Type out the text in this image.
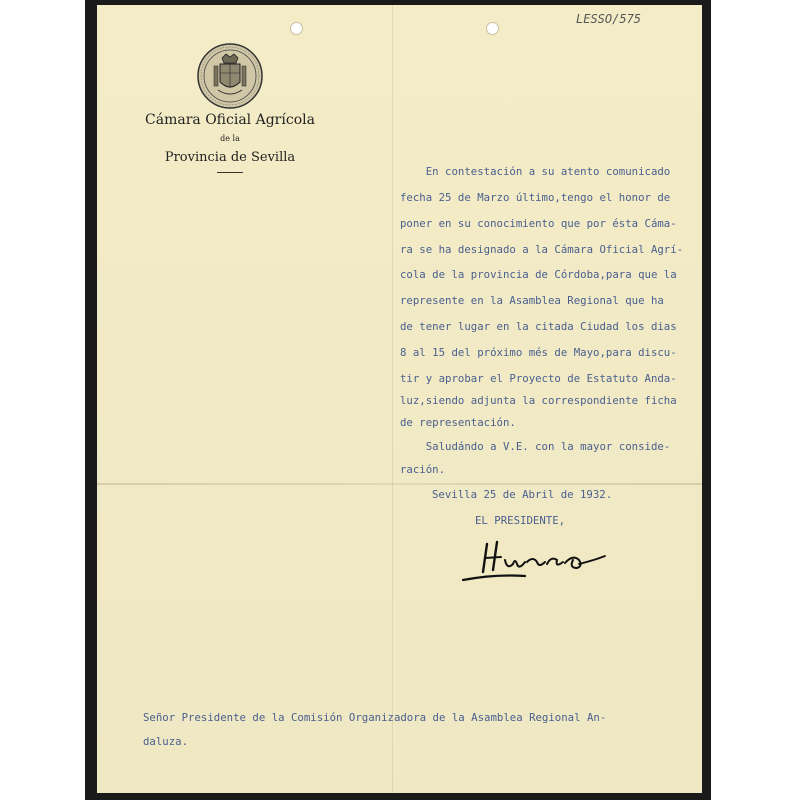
LESSO/575
Cámara Oficial Agrícola
de la
Provincia de Sevilla
En contestación a su atento comunicado
fecha 25 de Marzo último,tengo el honor de
poner en su conocimiento que por ésta Cáma-
ra se ha designado a la Cámara Oficial Agrí-
cola de la provincia de Córdoba,para que la
represente en la Asamblea Regional que ha
de tener lugar en la citada Ciudad los dias
8 al 15 del próximo més de Mayo,para discu-
tir y aprobar el Proyecto de Estatuto Anda-
luz,siendo adjunta la correspondiente ficha
de representación.
Saludándo a V.E. con la mayor conside-
ración.
Sevilla 25 de Abril de 1932.
EL PRESIDENTE,
Señor Presidente de la Comisión Organizadora de la Asamblea Regional An-
daluza.
